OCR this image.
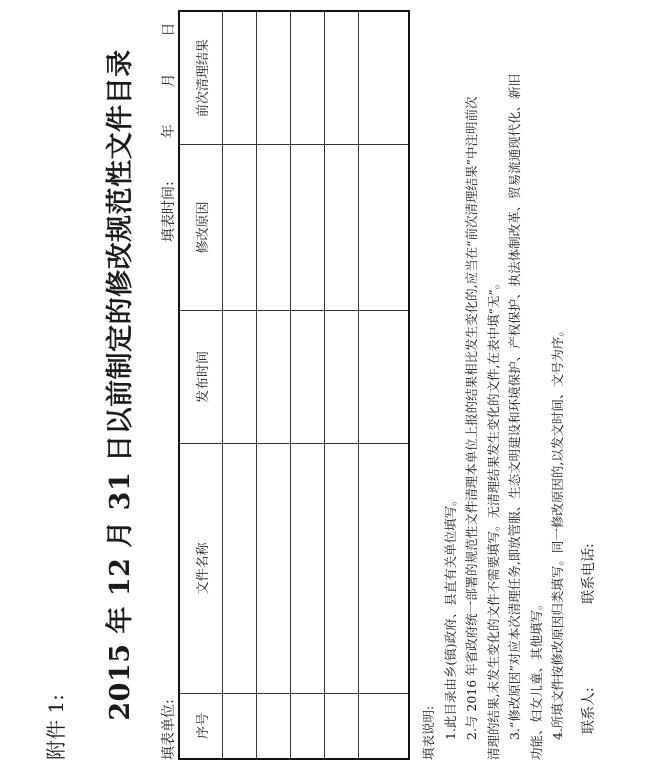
附件 1:
2015 年 12 月 31 日以前制定的修改规范性文件目录
填表单位:
填表时间:  年  月  日
序号	文件名称	发布时间	修改原因	前次清理结果

填表说明: 1.此目录由乡(镇)政府、县直有关单位填写。 2.与 2016 年省政府统一部署的规范性文件清理本单位上报的结果相比发生变化的,应当在“前次清理结果”中注明前次 清理的结果,未发生变化的文件不需要填写。无清理结果发生变化的文件,在表中填“无”。 3.“修改原因”对应本次清理任务,即放管服、生态文明建设和环境保护、产权保护、执法体制改革、贸易流通现代化、新旧 功能、妇女儿童、其他填写。 4.所填文件按修改原因归类填写。同一修改原因的,以发文时间、文号为序。 联系人:
联系电话:
